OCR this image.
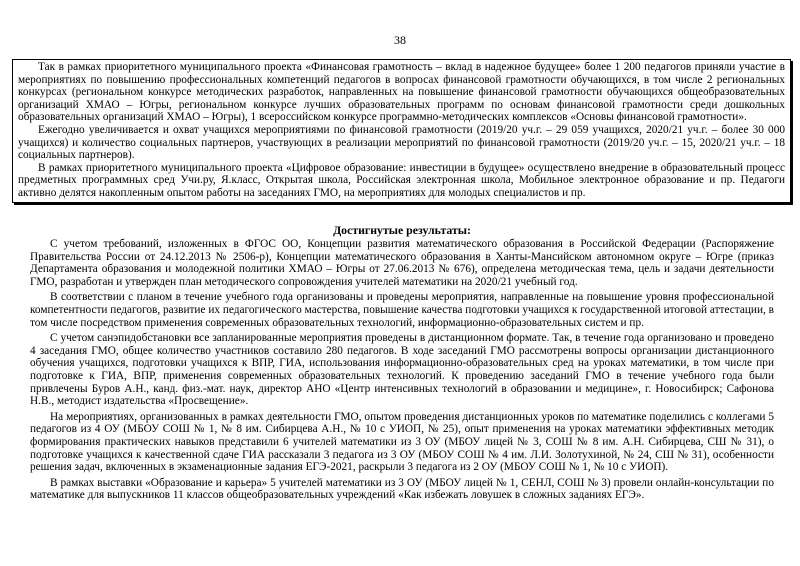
38

Так в рамках приоритетного муниципального проекта «Финансовая грамотность – вклад в надежное будущее» более 1 200 педагогов приняли участие в мероприятиях по повышению профессиональных компетенций педагогов в вопросах финансовой грамотности обучающихся, в том числе 2 региональных конкурсах (региональном конкурсе методических разработок, направленных на повышение финансовой грамотности обучающихся общеобразовательных организаций ХМАО – Югры, региональном конкурсе лучших образовательных программ по основам финансовой грамотности среди дошкольных образовательных организаций ХМАО – Югры), 1 всероссийском конкурсе программно-методических комплексов «Основы финансовой грамотности».

Ежегодно увеличивается и охват учащихся мероприятиями по финансовой грамотности (2019/20 уч.г. – 29 059 учащихся, 2020/21 уч.г. – более 30 000 учащихся) и количество социальных партнеров, участвующих в реализации мероприятий по финансовой грамотности (2019/20 уч.г. – 15, 2020/21 уч.г. – 18 социальных партнеров).

В рамках приоритетного муниципального проекта «Цифровое образование: инвестиции в будущее» осуществлено внедрение в образовательный процесс предметных программных сред Учи.ру, Я.класс, Открытая школа, Российская электронная школа, Мобильное электронное образование и пр. Педагоги активно делятся накопленным опытом работы на заседаниях ГМО, на мероприятиях для молодых специалистов и пр.

Достигнутые результаты:

С учетом требований, изложенных в ФГОС ОО, Концепции развития математического образования в Российской Федерации (Распоряжение Правительства России от 24.12.2013 № 2506-р), Концепции математического образования в Ханты-Мансийском автономном округе – Югре (приказ Департамента образования и молодежной политики ХМАО – Югры от 27.06.2013 № 676), определена методическая тема, цель и задачи деятельности ГМО, разработан и утвержден план методического сопровождения учителей математики на 2020/21 учебный год.

В соответствии с планом в течение учебного года организованы и проведены мероприятия, направленные на повышение уровня профессиональной компетентности педагогов, развитие их педагогического мастерства, повышение качества подготовки учащихся к государственной итоговой аттестации, в том числе посредством применения современных образовательных технологий, информационно-образовательных систем и пр.

С учетом санэпидобстановки все запланированные мероприятия проведены в дистанционном формате. Так, в течение года организовано и проведено 4 заседания ГМО, общее количество участников составило 280 педагогов. В ходе заседаний ГМО рассмотрены вопросы организации дистанционного обучения учащихся, подготовки учащихся к ВПР, ГИА, использования информационно-образовательных сред на уроках математики, в том числе при подготовке к ГИА, ВПР, применения современных образовательных технологий. К проведению заседаний ГМО в течение учебного года были привлечены Буров А.Н., канд. физ.-мат. наук, директор АНО «Центр интенсивных технологий в образовании и медицине», г. Новосибирск; Сафонова Н.В., методист издательства «Просвещение».

На мероприятиях, организованных в рамках деятельности ГМО, опытом проведения дистанционных уроков по математике поделились с коллегами 5 педагогов из 4 ОУ (МБОУ СОШ № 1, № 8 им. Сибирцева А.Н., № 10 с УИОП, № 25), опыт применения на уроках математики эффективных методик формирования практических навыков представили 6 учителей математики из 3 ОУ (МБОУ лицей № 3, СОШ № 8 им. А.Н. Сибирцева, СШ № 31), о подготовке учащихся к качественной сдаче ГИА рассказали 3 педагога из 3 ОУ (МБОУ СОШ № 4 им. Л.И. Золотухиной, № 24, СШ № 31), особенности решения задач, включенных в экзаменационные задания ЕГЭ-2021, раскрыли 3 педагога из 2 ОУ (МБОУ СОШ № 1, № 10 с УИОП).

В рамках выставки «Образование и карьера» 5 учителей математики из 3 ОУ (МБОУ лицей № 1, СЕНЛ, СОШ № 3) провели онлайн-консультации по математике для выпускников 11 классов общеобразовательных учреждений «Как избежать ловушек в сложных заданиях ЕГЭ».
